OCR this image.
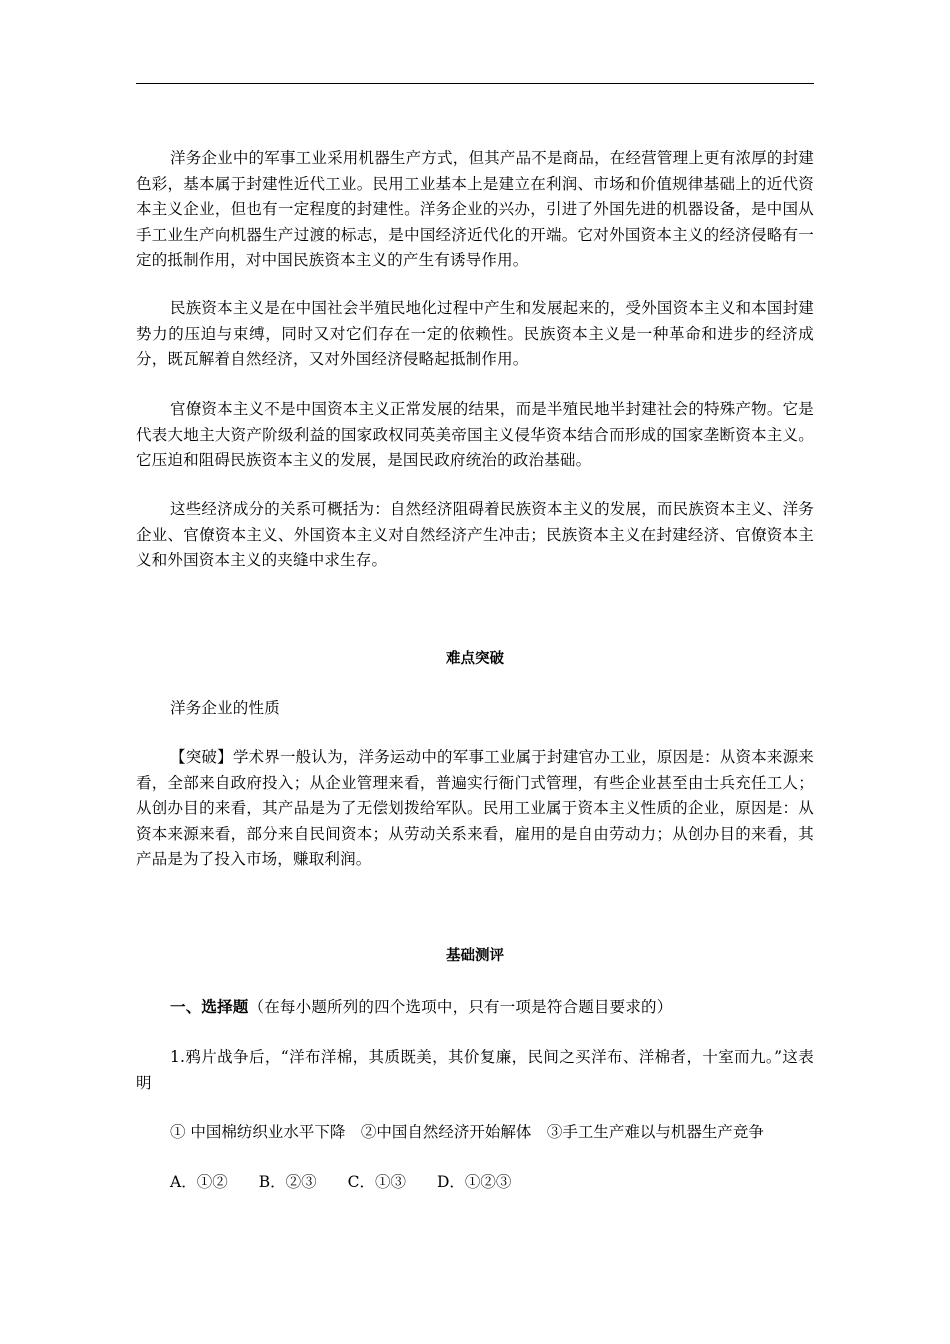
洋务企业中的军事工业采用机器生产方式，但其产品不是商品，在经营管理上更有浓厚的封建色彩，基本属于封建性近代工业。民用工业基本上是建立在利润、市场和价值规律基础上的近代资本主义企业，但也有一定程度的封建性。洋务企业的兴办，引进了外国先进的机器设备，是中国从手工业生产向机器生产过渡的标志，是中国经济近代化的开端。它对外国资本主义的经济侵略有一定的抵制作用，对中国民族资本主义的产生有诱导作用。

民族资本主义是在中国社会半殖民地化过程中产生和发展起来的，受外国资本主义和本国封建势力的压迫与束缚，同时又对它们存在一定的依赖性。民族资本主义是一种革命和进步的经济成分，既瓦解着自然经济，又对外国经济侵略起抵制作用。

官僚资本主义不是中国资本主义正常发展的结果，而是半殖民地半封建社会的特殊产物。它是代表大地主大资产阶级利益的国家政权同英美帝国主义侵华资本结合而形成的国家垄断资本主义。它压迫和阻碍民族资本主义的发展，是国民政府统治的政治基础。

这些经济成分的关系可概括为：自然经济阻碍着民族资本主义的发展，而民族资本主义、洋务企业、官僚资本主义、外国资本主义对自然经济产生冲击；民族资本主义在封建经济、官僚资本主义和外国资本主义的夹缝中求生存。

难点突破

洋务企业的性质

【突破】学术界一般认为，洋务运动中的军事工业属于封建官办工业，原因是：从资本来源来看，全部来自政府投入；从企业管理来看，普遍实行衙门式管理，有些企业甚至由士兵充任工人；从创办目的来看，其产品是为了无偿划拨给军队。民用工业属于资本主义性质的企业，原因是：从资本来源来看，部分来自民间资本；从劳动关系来看，雇用的是自由劳动力；从创办目的来看，其产品是为了投入市场，赚取利润。

基础测评

一、选择题（在每小题所列的四个选项中，只有一项是符合题目要求的）

1.鸦片战争后，“洋布洋棉，其质既美，其价复廉，民间之买洋布、洋棉者，十室而九。”这表明

① 中国棉纺织业水平下降　②中国自然经济开始解体　③手工生产难以与机器生产竞争

A．①②　　B．②③　　C．①③　　D．①②③
